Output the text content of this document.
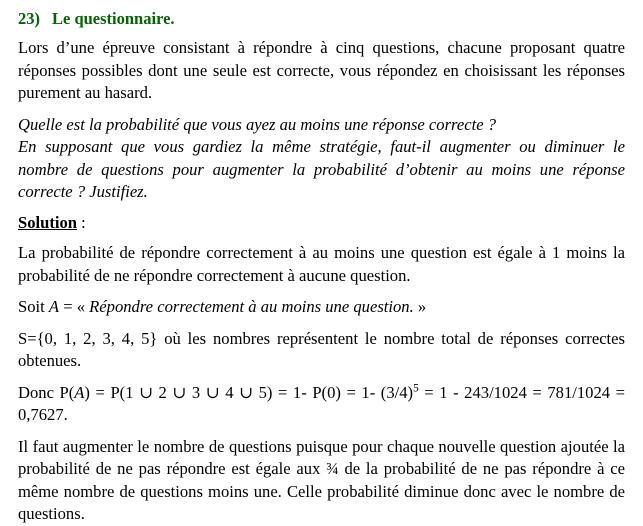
23) Le questionnaire.

Lors d’une épreuve consistant à répondre à cinq questions, chacune proposant quatre réponses possibles dont une seule est correcte, vous répondez en choisissant les réponses purement au hasard.

Quelle est la probabilité que vous ayez au moins une réponse correcte ?
En supposant que vous gardiez la même stratégie, faut-il augmenter ou diminuer le nombre de questions pour augmenter la probabilité d’obtenir au moins une réponse correcte ? Justifiez.

Solution :

La probabilité de répondre correctement à au moins une question est égale à 1 moins la probabilité de ne répondre correctement à aucune question.

Soit A = « Répondre correctement à au moins une question. »

S={0, 1, 2, 3, 4, 5} où les nombres représentent le nombre total de réponses correctes obtenues.

Donc P(A) = P(1 ∪ 2 ∪ 3 ∪ 4 ∪ 5) = 1- P(0) = 1- $(3/4)^5 = 1 - 243/1024 = 781/1024 = 0,7627$.

Il faut augmenter le nombre de questions puisque pour chaque nouvelle question ajoutée la probabilité de ne pas répondre est égale aux ¾ de la probabilité de ne pas répondre à ce même nombre de questions moins une. Celle probabilité diminue donc avec le nombre de questions.
